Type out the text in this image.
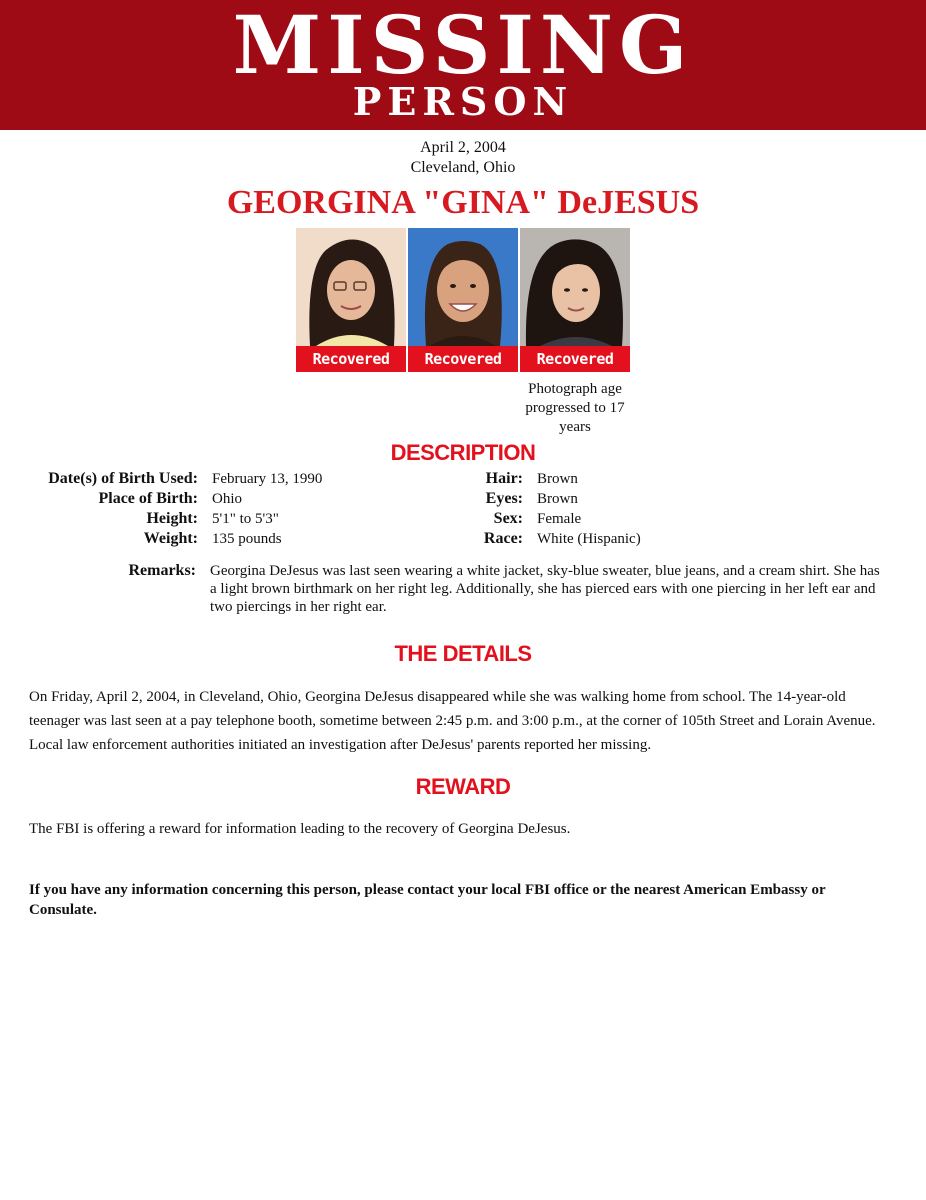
MISSING
PERSON
April 2, 2004
Cleveland, Ohio
GEORGINA "GINA" DeJESUS
Recovered	Recovered	Recovered
Photograph age progressed to 17 years
DESCRIPTION
Date(s) of Birth Used: February 13, 1990
Place of Birth: Ohio
Height: 5'1" to 5'3"
Weight: 135 pounds
Hair: Brown
Eyes: Brown
Sex: Female
Race: White (Hispanic)
Remarks: Georgina DeJesus was last seen wearing a white jacket, sky-blue sweater, blue jeans, and a cream shirt. She has a light brown birthmark on her right leg. Additionally, she has pierced ears with one piercing in her left ear and two piercings in her right ear.
THE DETAILS
On Friday, April 2, 2004, in Cleveland, Ohio, Georgina DeJesus disappeared while she was walking home from school. The 14-year-old teenager was last seen at a pay telephone booth, sometime between 2:45 p.m. and 3:00 p.m., at the corner of 105th Street and Lorain Avenue. Local law enforcement authorities initiated an investigation after DeJesus' parents reported her missing.
REWARD
The FBI is offering a reward for information leading to the recovery of Georgina DeJesus.
If you have any information concerning this person, please contact your local FBI office or the nearest American Embassy or Consulate.
